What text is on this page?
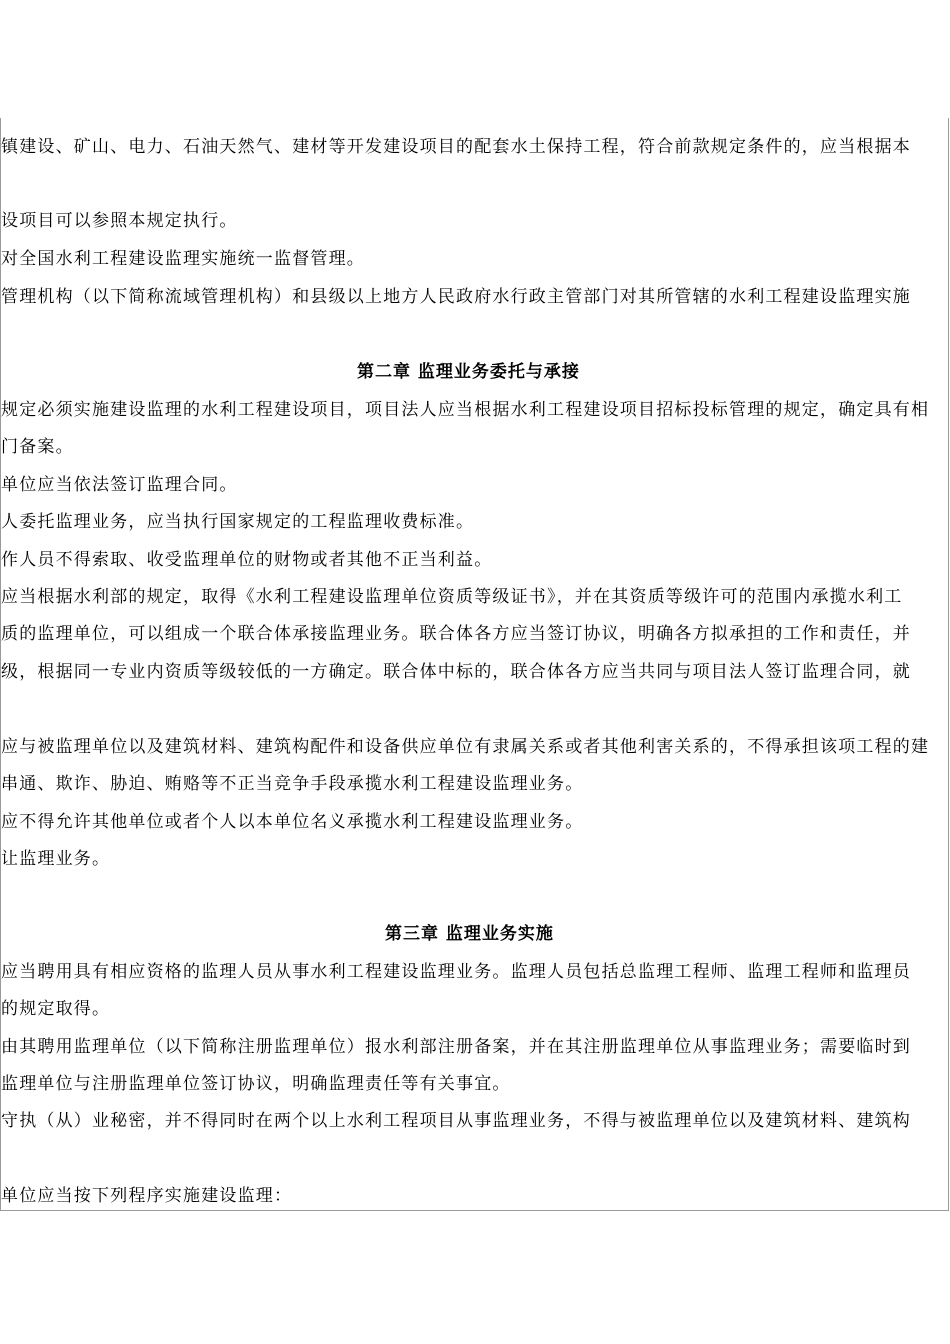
镇建设、矿山、电力、石油天然气、建材等开发建设项目的配套水土保持工程，符合前款规定条件的，应当根据本
设项目可以参照本规定执行。
对全国水利工程建设监理实施统一监督管理。
管理机构（以下简称流域管理机构）和县级以上地方人民政府水行政主管部门对其所管辖的水利工程建设监理实施
第二章 监理业务委托与承接
规定必须实施建设监理的水利工程建设项目，项目法人应当根据水利工程建设项目招标投标管理的规定，确定具有相
门备案。
单位应当依法签订监理合同。
人委托监理业务，应当执行国家规定的工程监理收费标准。
作人员不得索取、收受监理单位的财物或者其他不正当利益。
应当根据水利部的规定，取得《水利工程建设监理单位资质等级证书》，并在其资质等级许可的范围内承揽水利工
质的监理单位，可以组成一个联合体承接监理业务。联合体各方应当签订协议，明确各方拟承担的工作和责任，并
级，根据同一专业内资质等级较低的一方确定。联合体中标的，联合体各方应当共同与项目法人签订监理合同，就
应与被监理单位以及建筑材料、建筑构配件和设备供应单位有隶属关系或者其他利害关系的，不得承担该项工程的建
串通、欺诈、胁迫、贿赂等不正当竞争手段承揽水利工程建设监理业务。
应不得允许其他单位或者个人以本单位名义承揽水利工程建设监理业务。
让监理业务。
第三章 监理业务实施
应当聘用具有相应资格的监理人员从事水利工程建设监理业务。监理人员包括总监理工程师、监理工程师和监理员
的规定取得。
由其聘用监理单位（以下简称注册监理单位）报水利部注册备案，并在其注册监理单位从事监理业务；需要临时到
监理单位与注册监理单位签订协议，明确监理责任等有关事宜。
守执（从）业秘密，并不得同时在两个以上水利工程项目从事监理业务，不得与被监理单位以及建筑材料、建筑构
单位应当按下列程序实施建设监理：
